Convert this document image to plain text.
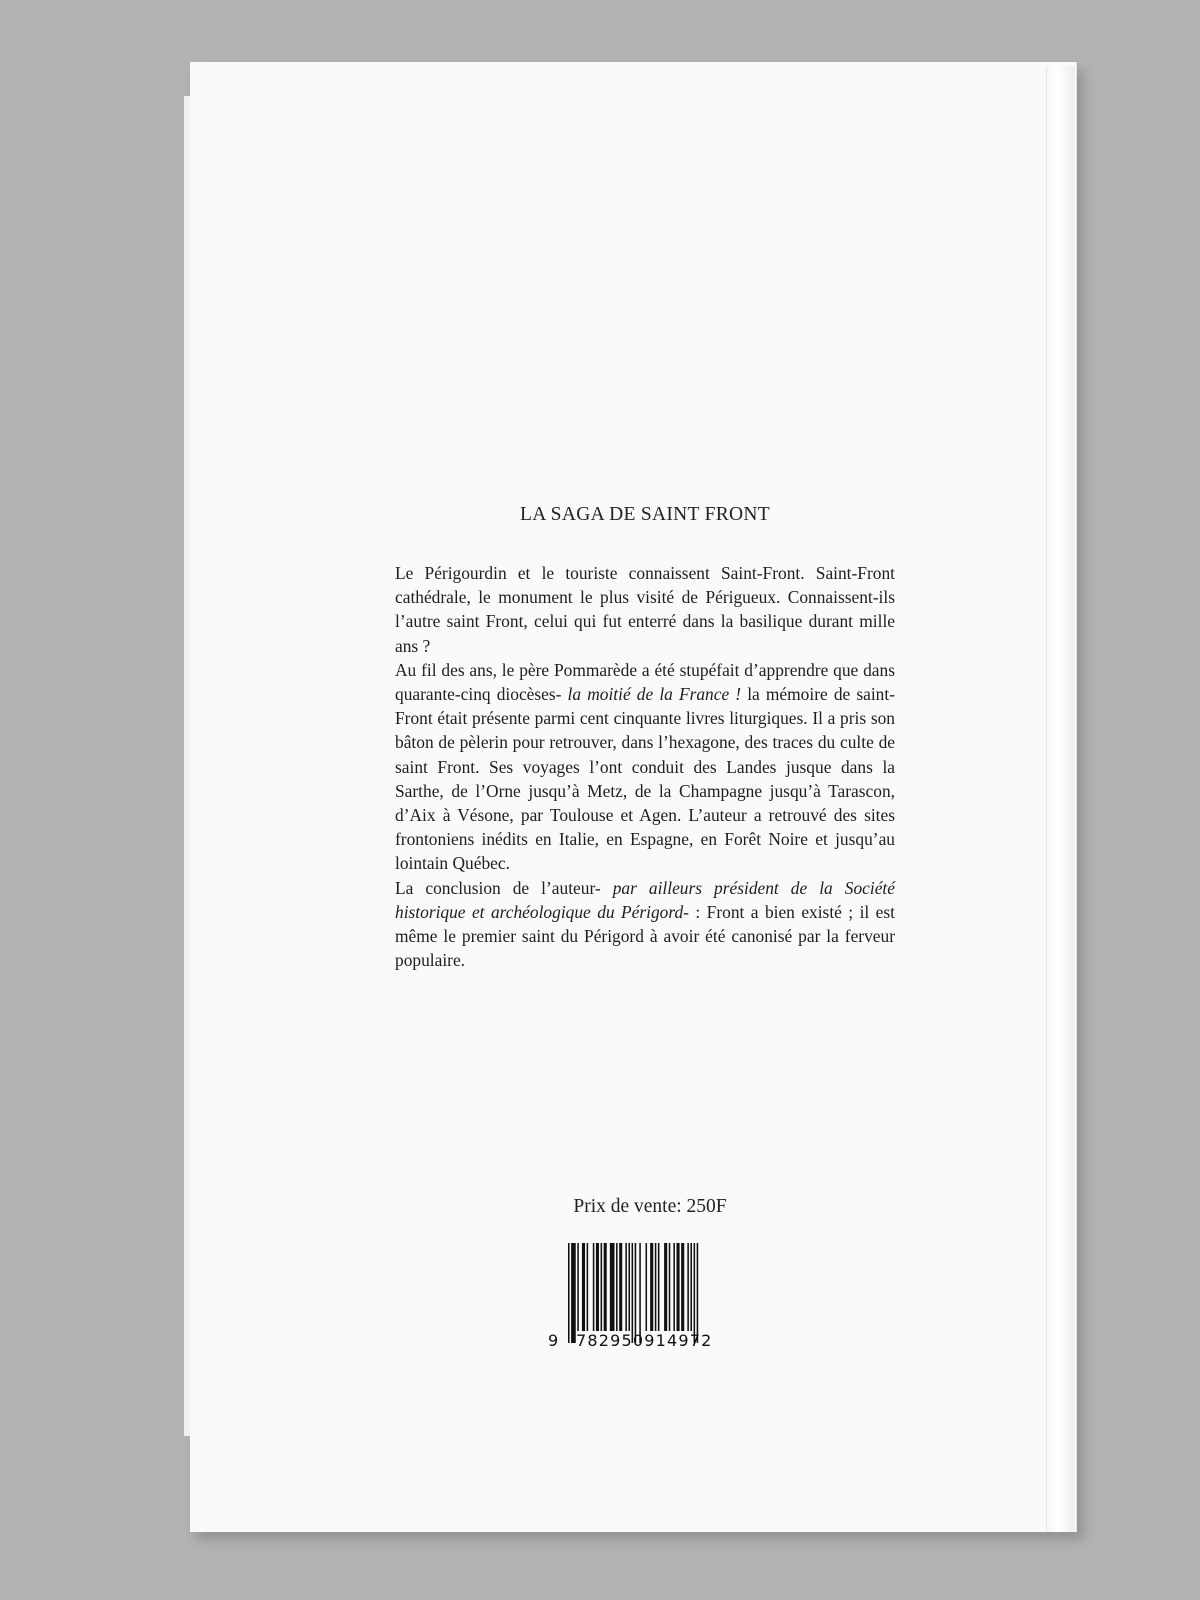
LA SAGA DE SAINT FRONT

Le Périgourdin et le touriste connaissent Saint-Front. Saint-Front cathédrale, le monument le plus visité de Périgueux. Connaissent-ils l’autre saint Front, celui qui fut enterré dans la basilique durant mille ans ?

Au fil des ans, le père Pommarède a été stupéfait d’apprendre que dans quarante-cinq diocèses- la moitié de la France ! la mémoire de saint-Front était présente parmi cent cinquante livres liturgiques. Il a pris son bâton de pèlerin pour retrouver, dans l’hexagone, des traces du culte de saint Front. Ses voyages l’ont conduit des Landes jusque dans la Sarthe, de l’Orne jusqu’à Metz, de la Champagne jusqu’à Tarascon, d’Aix à Vésone, par Toulouse et Agen. L’auteur a retrouvé des sites frontoniens inédits en Italie, en Espagne, en Forêt Noire et jusqu’au lointain Québec.

La conclusion de l’auteur- par ailleurs président de la Société historique et archéologique du Périgord- : Front a bien existé ; il est même le premier saint du Périgord à avoir été canonisé par la ferveur populaire.

Prix de vente: 250F
9 782950914972
